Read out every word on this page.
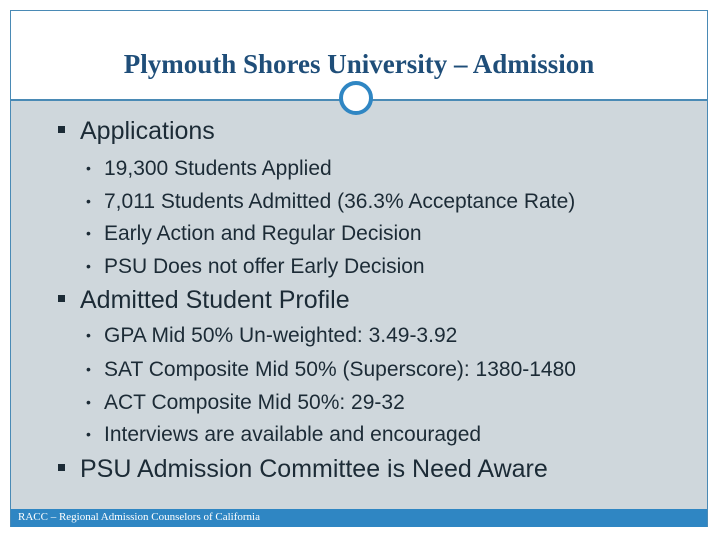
Plymouth Shores University – Admission
Applications
• 19,300 Students Applied
• 7,011 Students Admitted (36.3% Acceptance Rate)
• Early Action and Regular Decision
• PSU Does not offer Early Decision
Admitted Student Profile
• GPA Mid 50% Un-weighted: 3.49-3.92
• SAT Composite Mid 50% (Superscore): 1380-1480
• ACT Composite Mid 50%: 29-32
• Interviews are available and encouraged
PSU Admission Committee is Need Aware
RACC – Regional Admission Counselors of California
